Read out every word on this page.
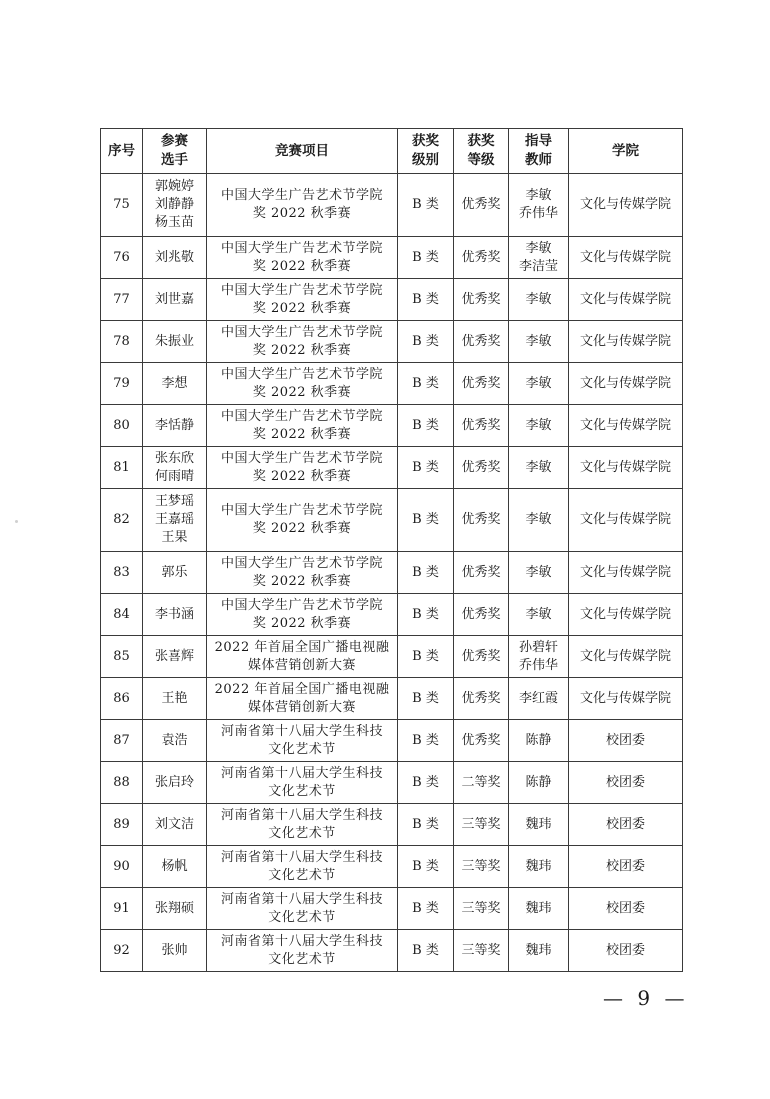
序号	参赛
选手	竞赛项目	获奖
级别	获奖
等级	指导
教师	学院
75	郭婉婷
刘静静
杨玉苗	中国大学生广告艺术节学院
奖 2022 秋季赛	B 类	优秀奖	李敏
乔伟华	文化与传媒学院
76	刘兆敬	中国大学生广告艺术节学院
奖 2022 秋季赛	B 类	优秀奖	李敏
李洁莹	文化与传媒学院
77	刘世嘉	中国大学生广告艺术节学院
奖 2022 秋季赛	B 类	优秀奖	李敏	文化与传媒学院
78	朱振业	中国大学生广告艺术节学院
奖 2022 秋季赛	B 类	优秀奖	李敏	文化与传媒学院
79	李想	中国大学生广告艺术节学院
奖 2022 秋季赛	B 类	优秀奖	李敏	文化与传媒学院
80	李恬静	中国大学生广告艺术节学院
奖 2022 秋季赛	B 类	优秀奖	李敏	文化与传媒学院
81	张东欣
何雨晴	中国大学生广告艺术节学院
奖 2022 秋季赛	B 类	优秀奖	李敏	文化与传媒学院
82	王梦瑶
王嘉瑶
王果	中国大学生广告艺术节学院
奖 2022 秋季赛	B 类	优秀奖	李敏	文化与传媒学院
83	郭乐	中国大学生广告艺术节学院
奖 2022 秋季赛	B 类	优秀奖	李敏	文化与传媒学院
84	李书涵	中国大学生广告艺术节学院
奖 2022 秋季赛	B 类	优秀奖	李敏	文化与传媒学院
85	张喜辉	2022 年首届全国广播电视融
媒体营销创新大赛	B 类	优秀奖	孙碧轩
乔伟华	文化与传媒学院
86	王艳	2022 年首届全国广播电视融
媒体营销创新大赛	B 类	优秀奖	李红霞	文化与传媒学院
87	袁浩	河南省第十八届大学生科技
文化艺术节	B 类	优秀奖	陈静	校团委
88	张启玲	河南省第十八届大学生科技
文化艺术节	B 类	二等奖	陈静	校团委
89	刘文洁	河南省第十八届大学生科技
文化艺术节	B 类	三等奖	魏玮	校团委
90	杨帆	河南省第十八届大学生科技
文化艺术节	B 类	三等奖	魏玮	校团委
91	张翔硕	河南省第十八届大学生科技
文化艺术节	B 类	三等奖	魏玮	校团委
92	张帅	河南省第十八届大学生科技
文化艺术节	B 类	三等奖	魏玮	校团委
— 9 —
